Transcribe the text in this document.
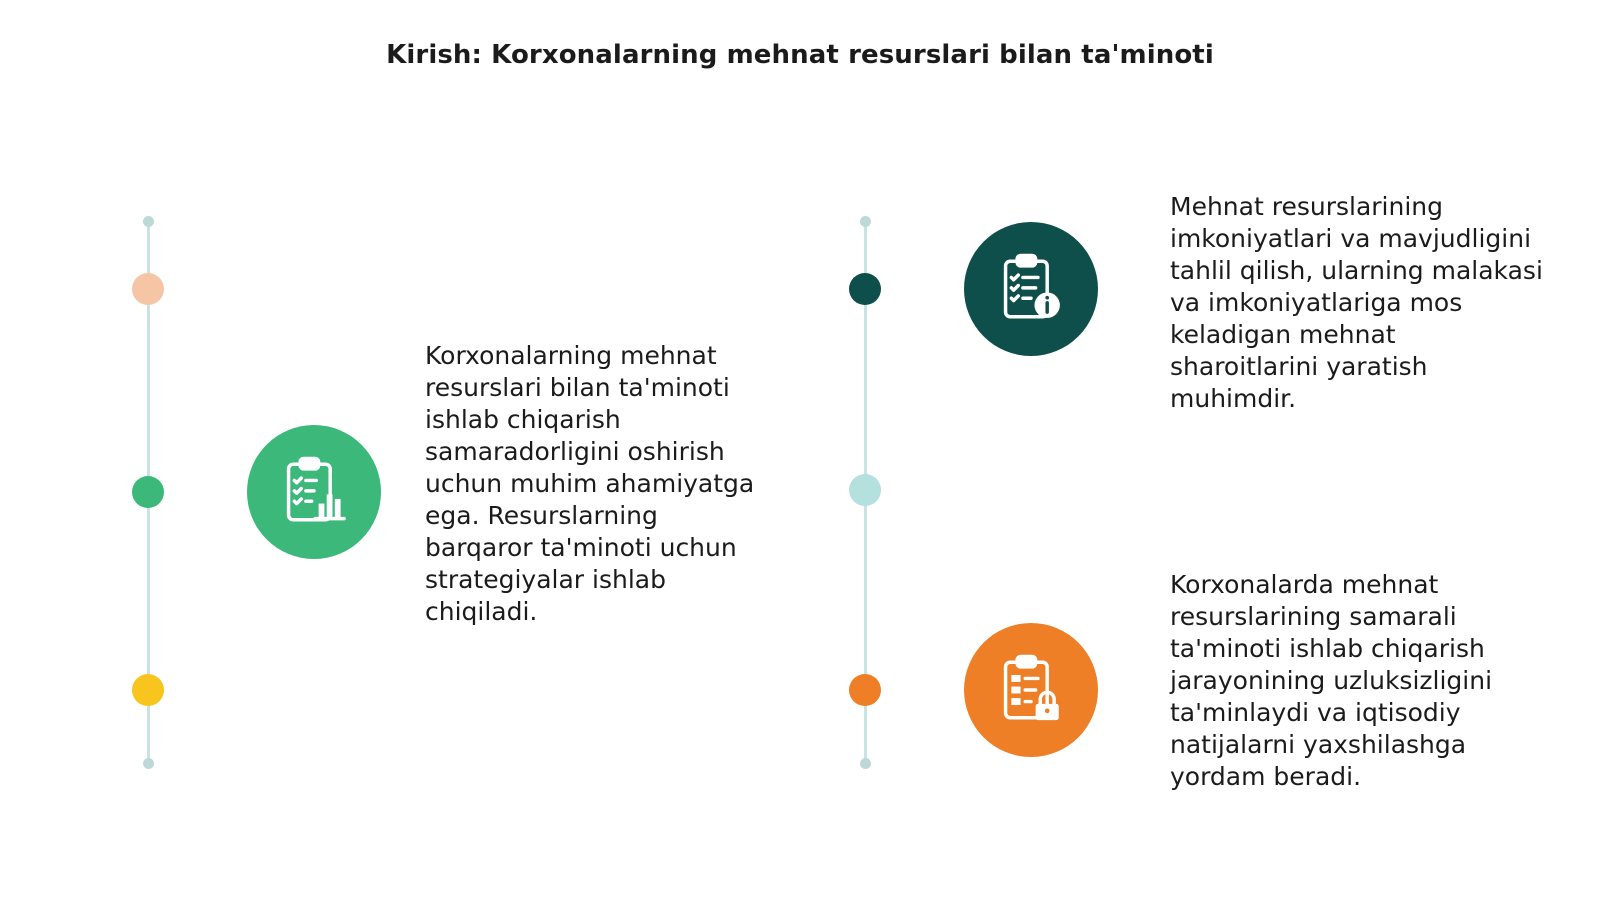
Kirish: Korxonalarning mehnat resurslari bilan ta'minoti

Korxonalarning mehnat resurslari bilan ta'minoti ishlab chiqarish samaradorligini oshirish uchun muhim ahamiyatga ega. Resurslarning barqaror ta'minoti uchun strategiyalar ishlab chiqiladi.

Mehnat resurslarining imkoniyatlari va mavjudligini tahlil qilish, ularning malakasi va imkoniyatlariga mos keladigan mehnat sharoitlarini yaratish muhimdir.

Korxonalarda mehnat resurslarining samarali ta'minoti ishlab chiqarish jarayonining uzluksizligini ta'minlaydi va iqtisodiy natijalarni yaxshilashga yordam beradi.
